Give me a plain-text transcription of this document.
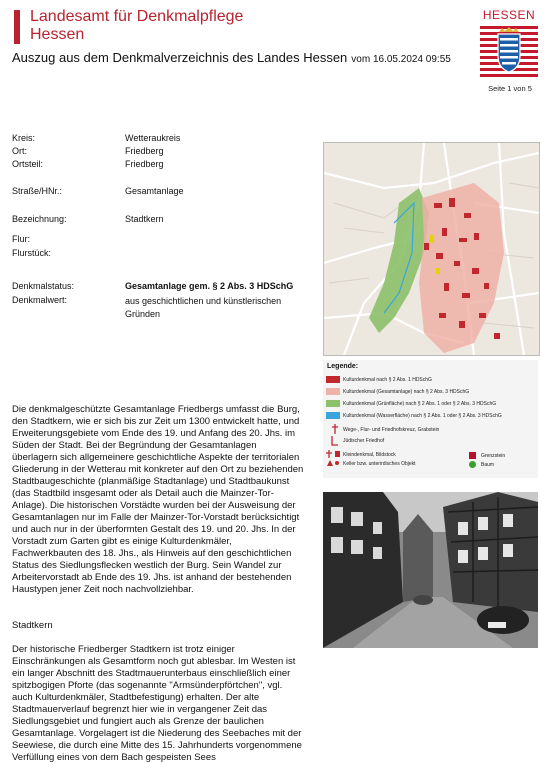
Landesamt für Denkmalpflege
Hessen
Auszug aus dem Denkmalverzeichnis des Landes Hessen vom 16.05.2024 09:55
HESSEN
Seite 1 von 5
Kreis:	Wetteraukreis
Ort:	Friedberg
Ortsteil:	Friedberg
Straße/HNr.:	Gesamtanlage
Bezeichnung:	Stadtkern
Flur:
Flurstück:
Denkmalstatus:	Gesamtanlage gem. § 2 Abs. 3 HDSchG
Denkmalwert:	aus geschichtlichen und künstlerischen Gründen
Legende:
Kulturdenkmal nach § 2 Abs. 1 HDSchG
Kulturdenkmal (Gesamtanlage) nach § 2 Abs. 3 HDSchG
Kulturdenkmal (Grünfläche) nach § 2 Abs. 1 oder § 2 Abs. 3 HDSchG
Kulturdenkmal (Wasserfläche) nach § 2 Abs. 1 oder § 2 Abs. 3 HDSchG
Wege-, Flur- und Friedhofskreuz, Grabstein
Jüdischer Friedhof
Kleindenkmal, Bildstock
Keller bzw. unterirdisches Objekt
Grenzstein
Baum
Die denkmalgeschützte Gesamtanlage Friedbergs umfasst die Burg, den Stadtkern, wie er sich bis zur Zeit um 1300 entwickelt hatte, und Erweiterungsgebiete vom Ende des 19. und Anfang des 20. Jhs. im Süden der Stadt. Bei der Begründung der Gesamtanlagen überlagern sich allgemeinere geschichtliche Aspekte der territorialen Gliederung in der Wetterau mit konkreter auf den Ort zu beziehenden Stadtbaugeschichte (planmäßige Stadtanlage) und Stadtbaukunst (das Stadtbild insgesamt oder als Detail auch die Mainzer-Tor-Anlage). Die historischen Vorstädte wurden bei der Ausweisung der Gesamtanlagen nur im Falle der Mainzer-Tor-Vorstadt berücksichtigt und auch nur in der überformten Gestalt des 19. und 20. Jhs. In der Vorstadt zum Garten gibt es einige Kulturdenkmäler, Fachwerkbauten des 18. Jhs., als Hinweis auf den geschichtlichen Status des Siedlungsflecken westlich der Burg. Sein Wandel zur Arbeitervorstadt ab Ende des 19. Jhs. ist anhand der bestehenden Haustypen jener Zeit noch nachvollziehbar.
Stadtkern
Der historische Friedberger Stadtkern ist trotz einiger Einschränkungen als Gesamtform noch gut ablesbar. Im Westen ist ein langer Abschnitt des Stadtmauerunterbaus einschließlich einer spitzbogigen Pforte (das sogenannte "Armsünderpförtchen", vgl. auch Kulturdenkmäler, Stadtbefestigung) erhalten. Der alte Stadtmauerverlauf begrenzt hier wie in vergangener Zeit das Siedlungsgebiet und fungiert auch als Grenze der baulichen Gesamtanlage. Vorgelagert ist die Niederung des Seebaches mit der Seewiese, die durch eine Mitte des 15. Jahrhunderts vorgenommene Verfüllung eines von dem Bach gespeisten Sees
